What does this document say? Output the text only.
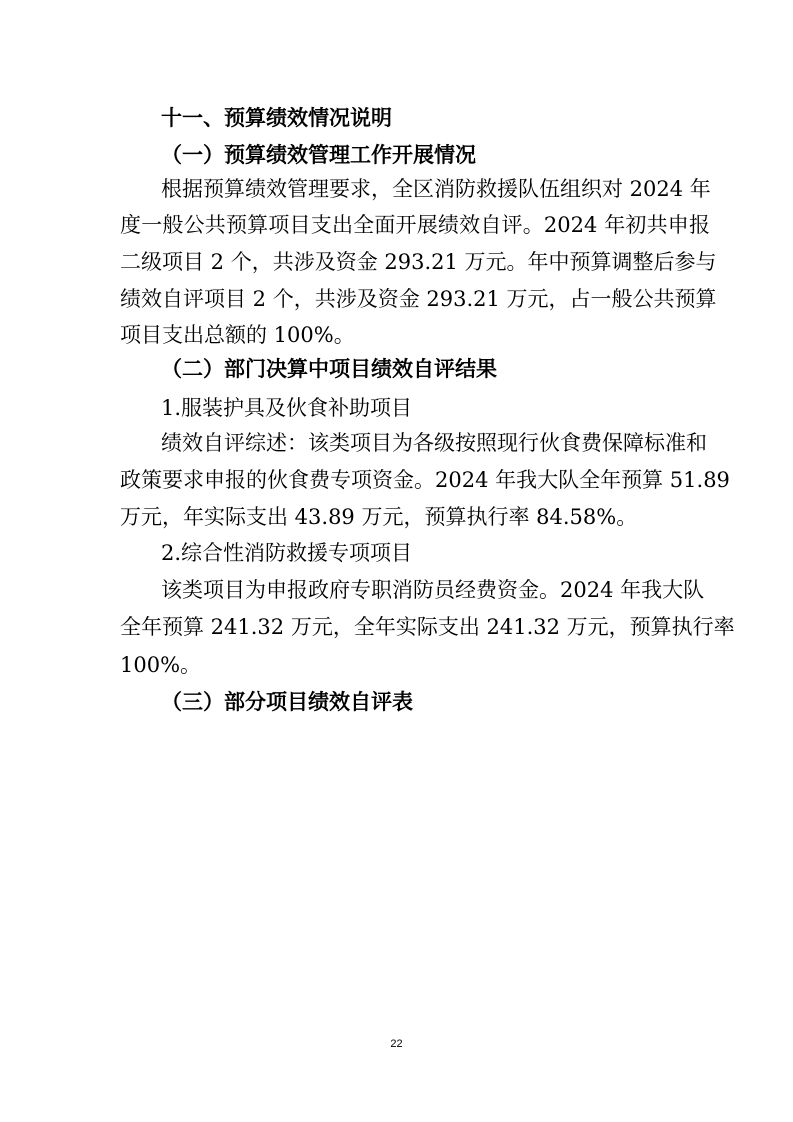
十一、预算绩效情况说明
（一）预算绩效管理工作开展情况
根据预算绩效管理要求，全区消防救援队伍组织对 2024 年
度一般公共预算项目支出全面开展绩效自评。2024 年初共申报
二级项目 2 个，共涉及资金 293.21 万元。年中预算调整后参与
绩效自评项目 2 个，共涉及资金 293.21 万元，占一般公共预算
项目支出总额的 100%。
（二）部门决算中项目绩效自评结果
1.服装护具及伙食补助项目
绩效自评综述：该类项目为各级按照现行伙食费保障标准和
政策要求申报的伙食费专项资金。2024 年我大队全年预算 51.89
万元，年实际支出 43.89 万元，预算执行率 84.58%。
2.综合性消防救援专项项目
该类项目为申报政府专职消防员经费资金。2024 年我大队
全年预算 241.32 万元，全年实际支出 241.32 万元，预算执行率
100%。
（三）部分项目绩效自评表
22
